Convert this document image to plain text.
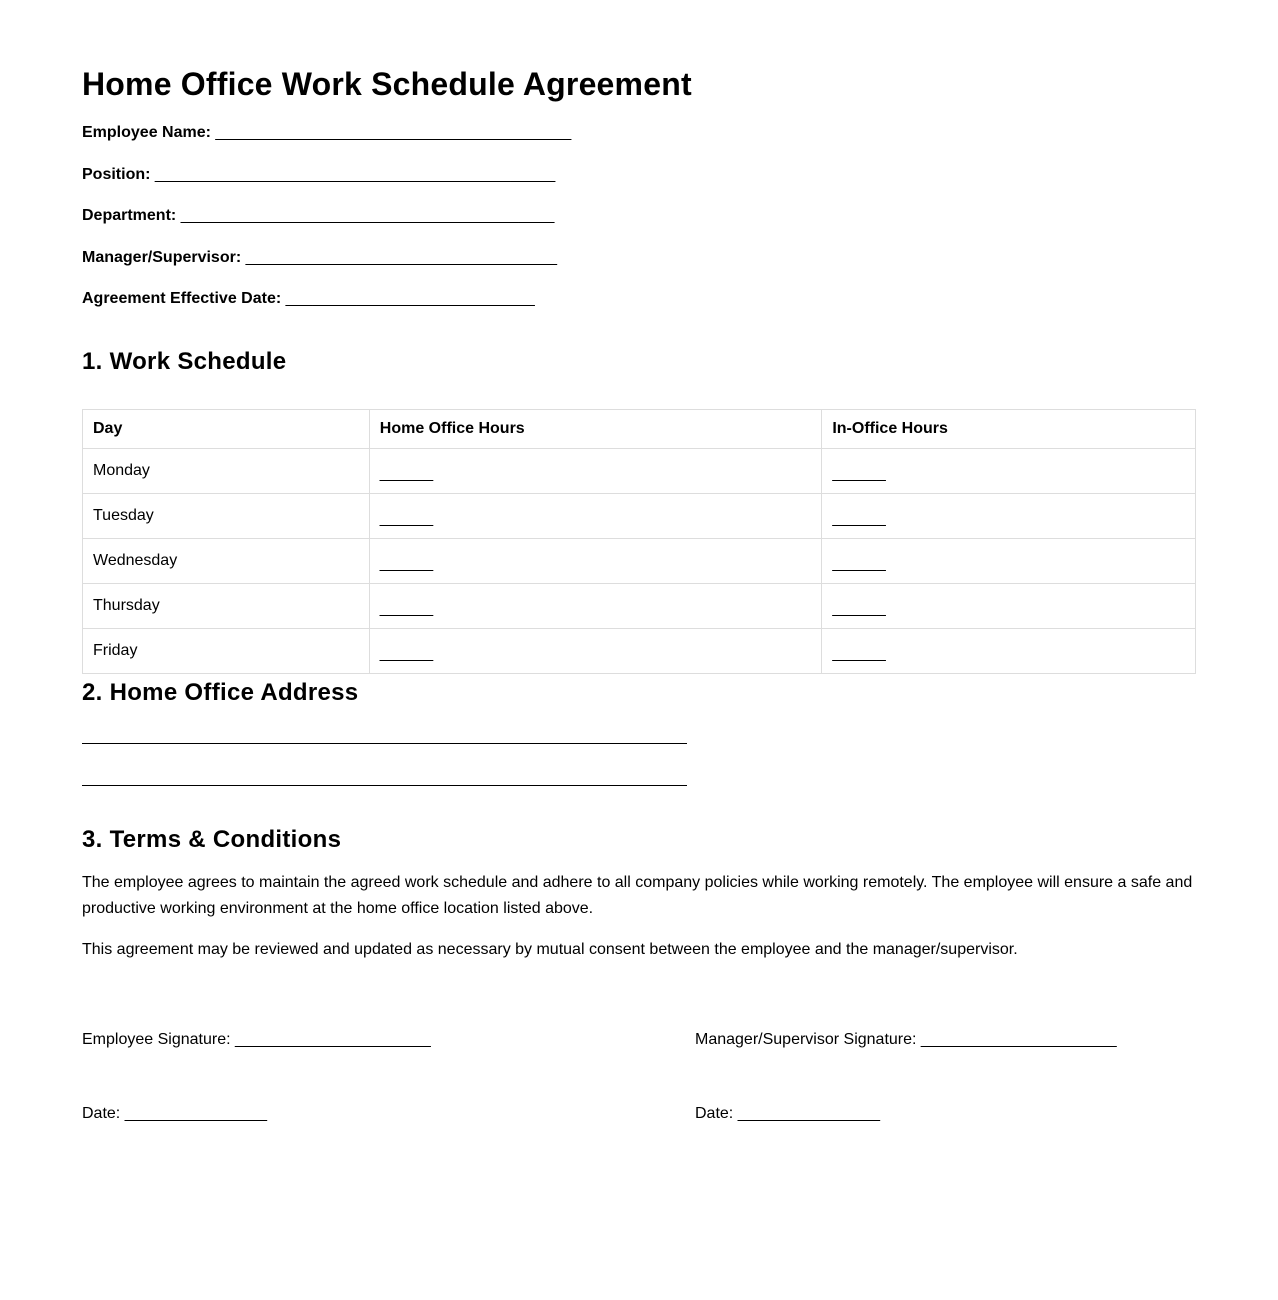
Home Office Work Schedule Agreement
Employee Name: ________________________________________
Position: _____________________________________________
Department: __________________________________________
Manager/Supervisor: ___________________________________
Agreement Effective Date: ____________________________
1. Work Schedule
Day	Home Office Hours	In-Office Hours
Monday	______	______
Tuesday	______	______
Wednesday	______	______
Thursday	______	______
Friday	______	______
2. Home Office Address
3. Terms & Conditions

The employee agrees to maintain the agreed work schedule and adhere to all company policies while working remotely. The employee will ensure a safe and productive working environment at the home office location listed above.

This agreement may be reviewed and updated as necessary by mutual consent between the employee and the manager/supervisor.

Employee Signature: ______________________	Manager/Supervisor Signature: ______________________
Date: ________________	Date: ________________
